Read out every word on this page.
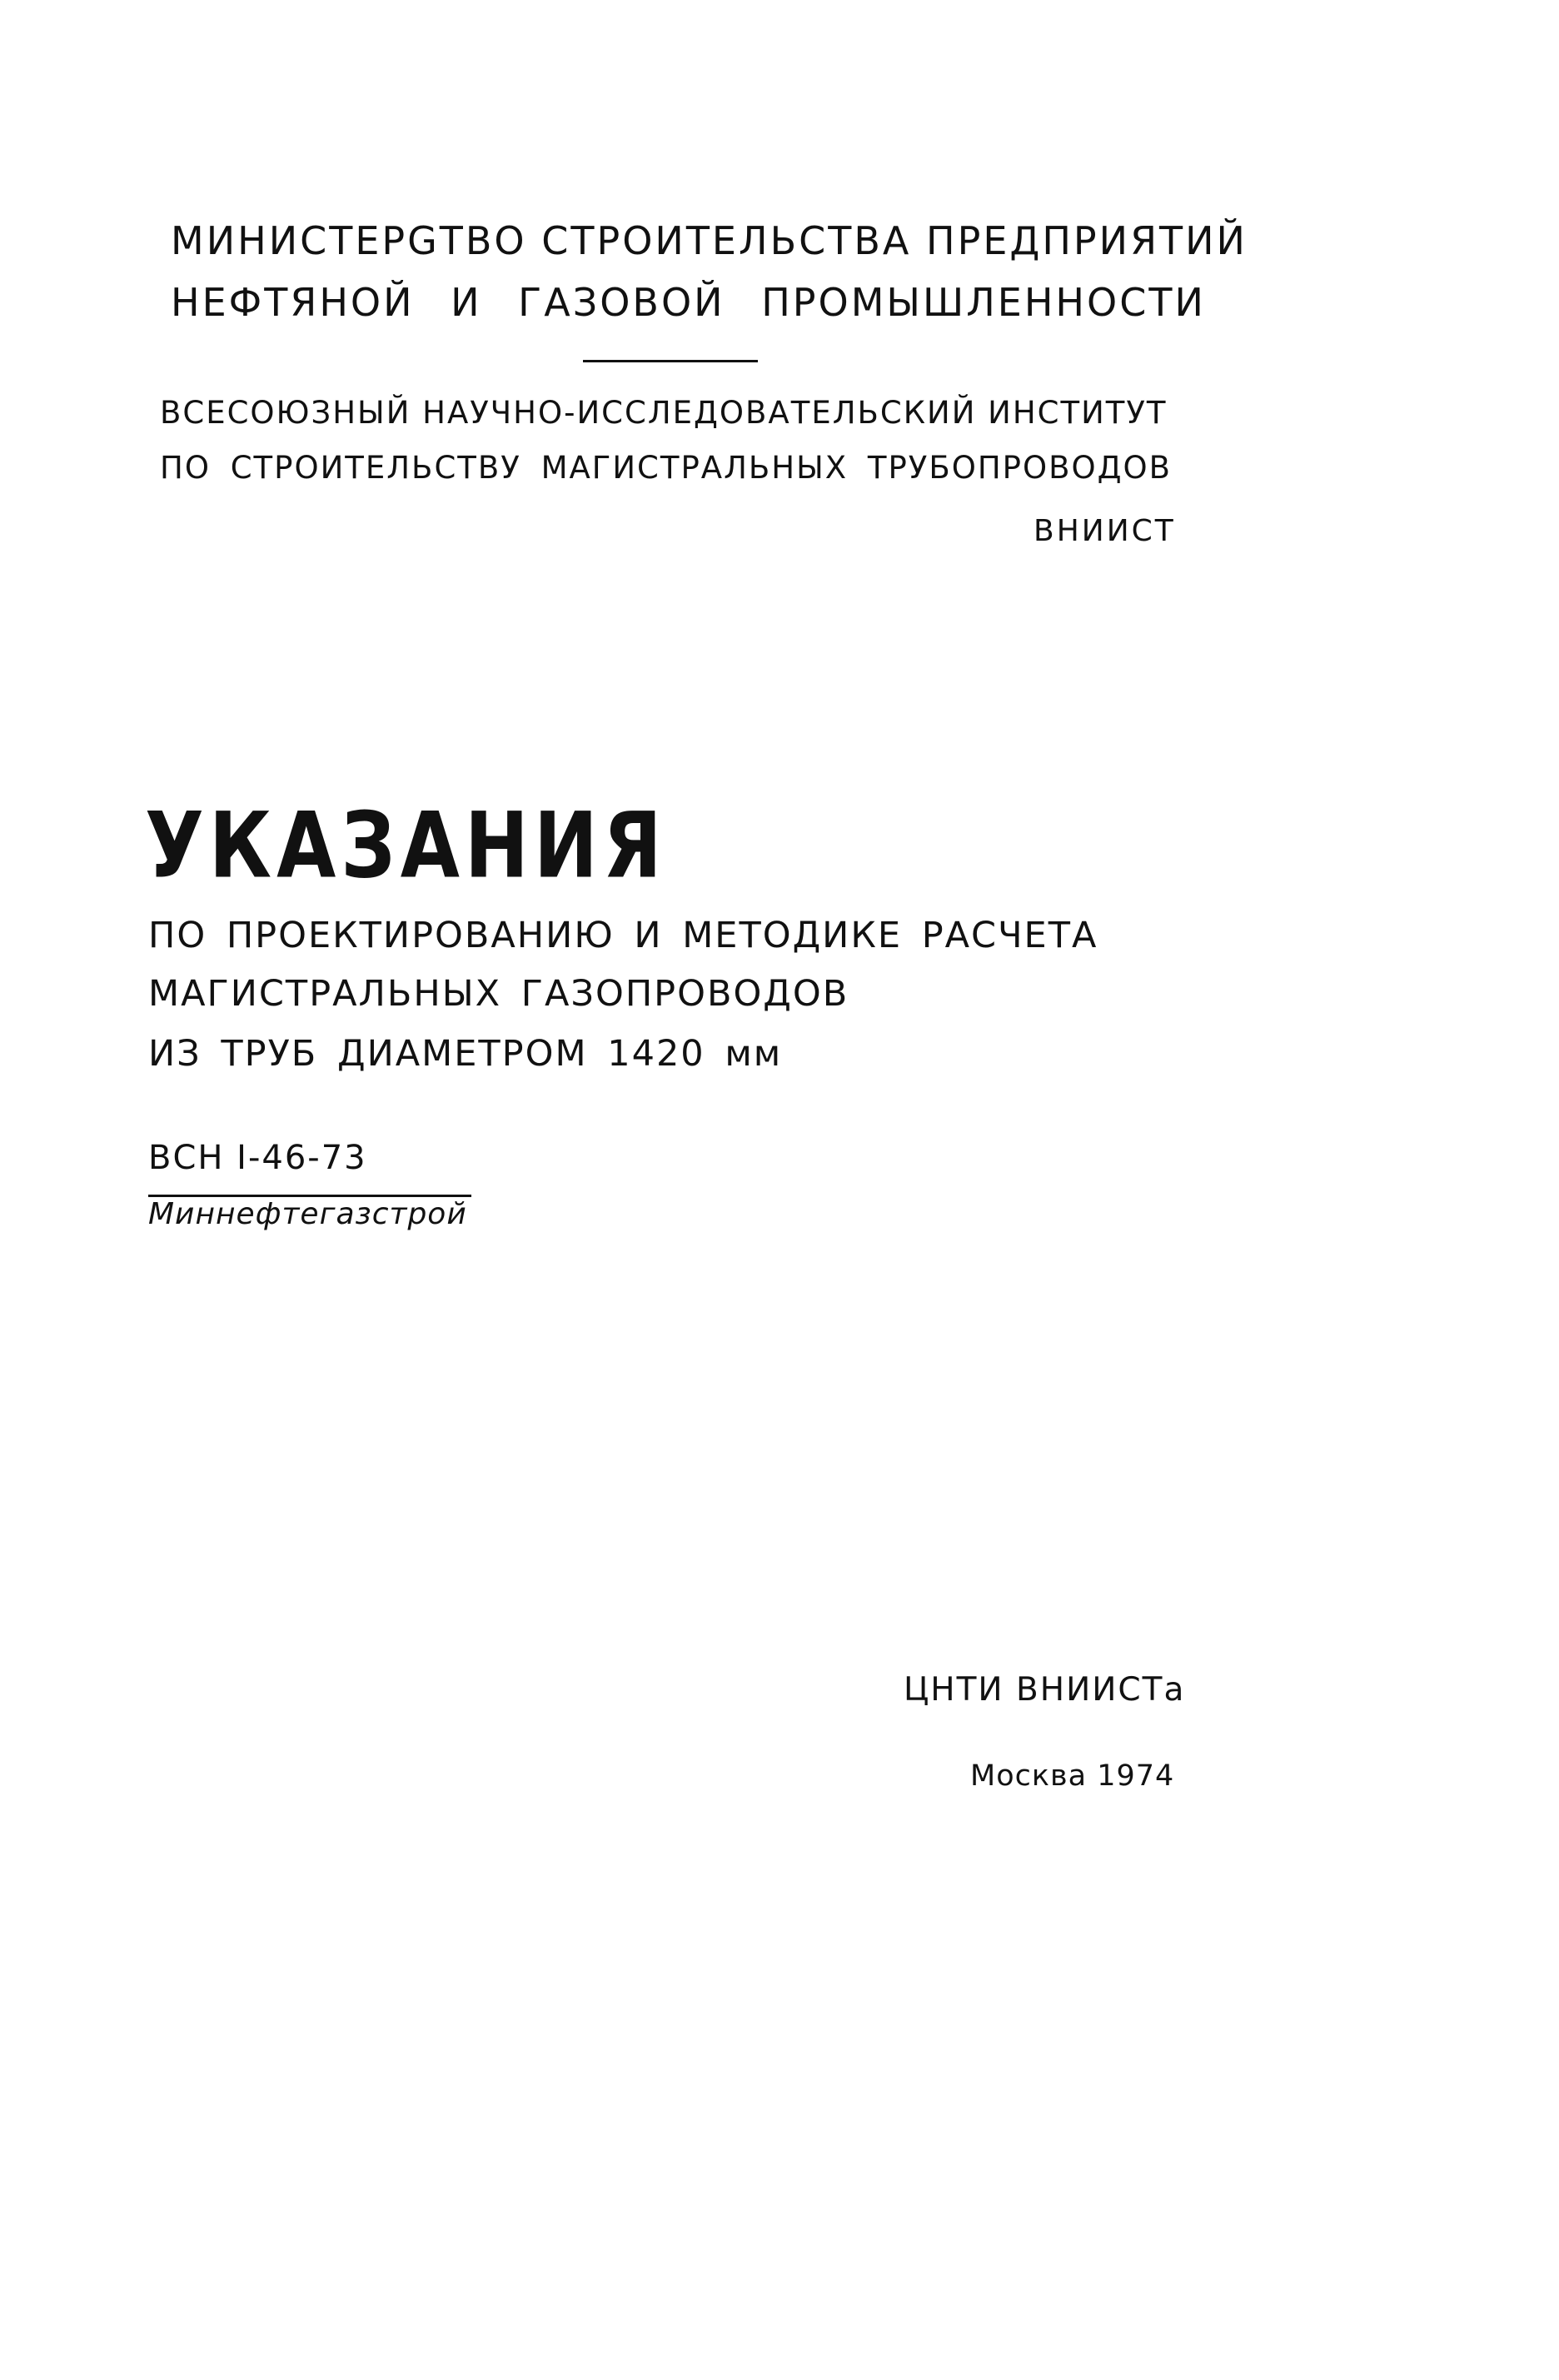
МИНИСТЕРGТВО СТРОИТЕЛЬСТВА ПРЕДПРИЯТИЙ

НЕФТЯНОЙ И ГАЗОВОЙ ПРОМЫШЛЕННОСТИ

ВСЕСОЮЗНЫЙ НАУЧНО-ИССЛЕДОВАТЕЛЬСКИЙ ИНСТИТУТ

ПО СТРОИТЕЛЬСТВУ МАГИСТРАЛЬНЫХ ТРУБОПРОВОДОВ

ВНИИСТ

УКАЗАНИЯ

ПО ПРОЕКТИРОВАНИЮ И МЕТОДИКЕ РАСЧЕТА

МАГИСТРАЛЬНЫХ ГАЗОПРОВОДОВ

ИЗ ТРУБ ДИАМЕТРОМ 1420 мм

ВСН I-46-73

Миннефтегазстрой

ЦНТИ ВНИИСТа

Москва 1974
